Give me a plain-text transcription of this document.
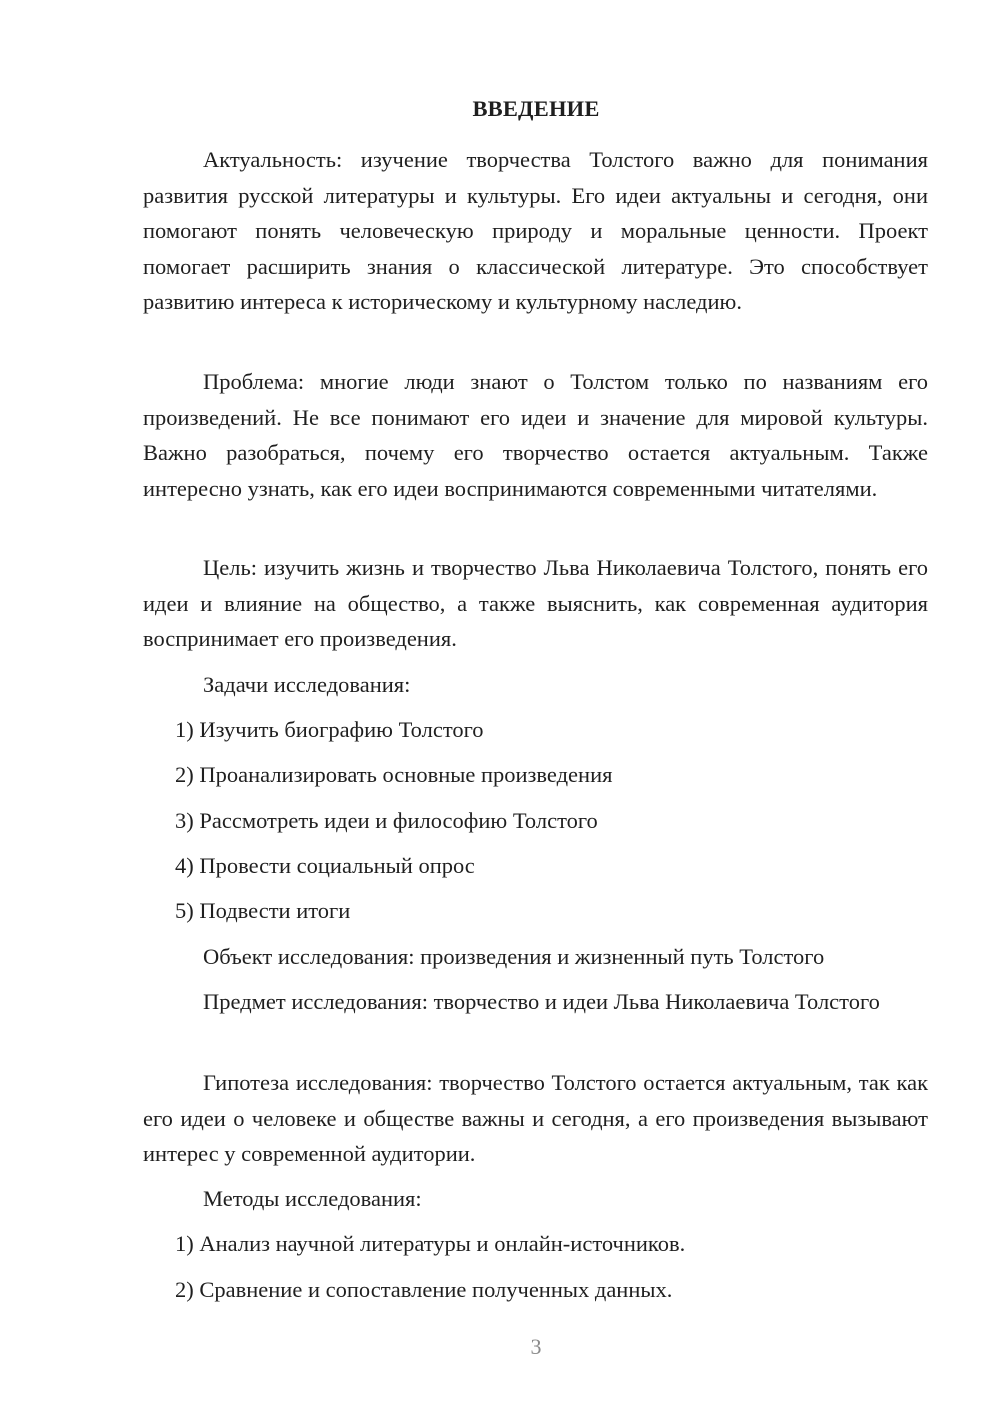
ВВЕДЕНИЕ

Актуальность: изучение творчества Толстого важно для понимания развития русской литературы и культуры. Его идеи актуальны и сегодня, они помогают понять человеческую природу и моральные ценности. Проект помогает расширить знания о классической литературе. Это способствует развитию интереса к историческому и культурному наследию.

Проблема: многие люди знают о Толстом только по названиям его произведений. Не все понимают его идеи и значение для мировой культуры. Важно разобраться, почему его творчество остается актуальным. Также интересно узнать, как его идеи воспринимаются современными читателями.

Цель: изучить жизнь и творчество Льва Николаевича Толстого, понять его идеи и влияние на общество, а также выяснить, как современная аудитория воспринимает его произведения.

Задачи исследования:

1) Изучить биографию Толстого

2) Проанализировать основные произведения

3) Рассмотреть идеи и философию Толстого

4) Провести социальный опрос

5) Подвести итоги

Объект исследования: произведения и жизненный путь Толстого

Предмет исследования: творчество и идеи Льва Николаевича Толстого

Гипотеза исследования: творчество Толстого остается актуальным, так как его идеи о человеке и обществе важны и сегодня, а его произведения вызывают интерес у современной аудитории.

Методы исследования:

1) Анализ научной литературы и онлайн-источников.

2) Сравнение и сопоставление полученных данных.

3
